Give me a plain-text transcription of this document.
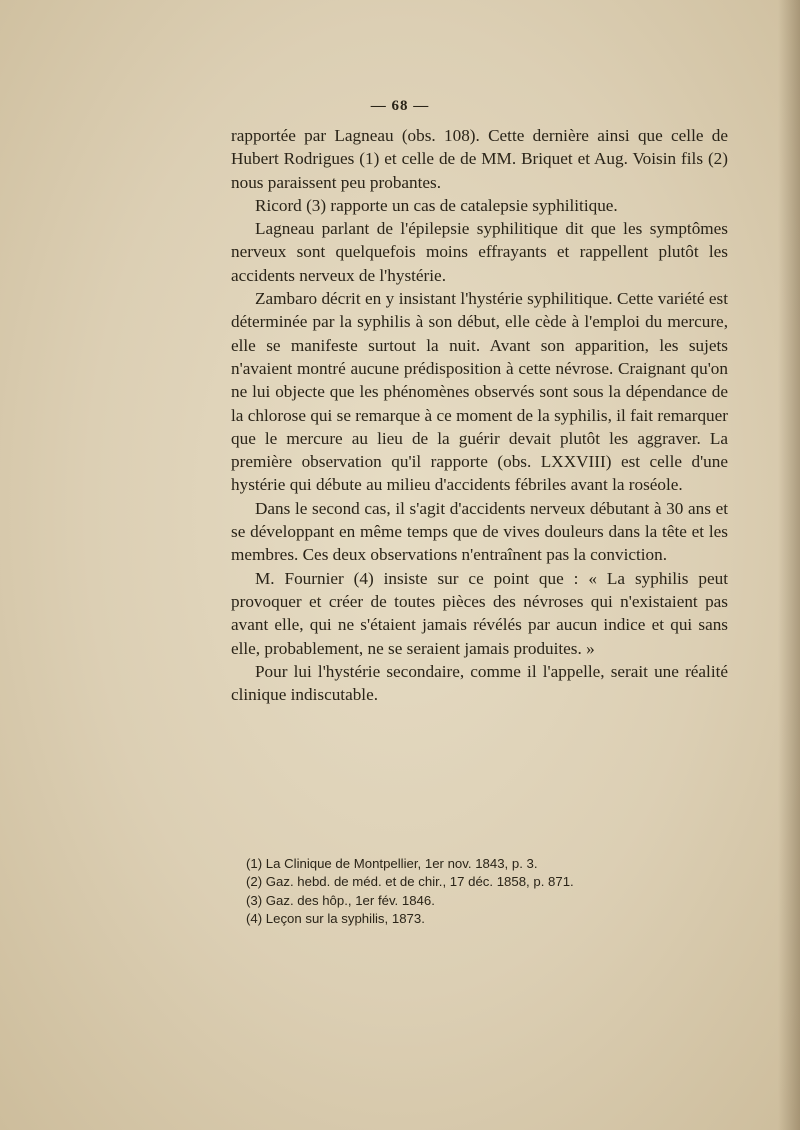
— 68 —

rapportée par Lagneau (obs. 108). Cette dernière ainsi que celle de Hubert Rodrigues (1) et celle de de MM. Briquet et Aug. Voisin fils (2) nous paraissent peu probantes.

Ricord (3) rapporte un cas de catalepsie syphilitique.

Lagneau parlant de l'épilepsie syphilitique dit que les symptômes nerveux sont quelquefois moins effrayants et rappellent plutôt les accidents nerveux de l'hystérie.

Zambaro décrit en y insistant l'hystérie syphilitique. Cette variété est déterminée par la syphilis à son début, elle cède à l'emploi du mercure, elle se manifeste surtout la nuit. Avant son apparition, les sujets n'avaient montré aucune prédisposition à cette névrose. Craignant qu'on ne lui objecte que les phénomènes observés sont sous la dépendance de la chlorose qui se remarque à ce moment de la syphilis, il fait remarquer que le mercure au lieu de la guérir devait plutôt les aggraver. La première observation qu'il rapporte (obs. LXXVIII) est celle d'une hystérie qui débute au milieu d'accidents fébriles avant la roséole.

Dans le second cas, il s'agit d'accidents nerveux débutant à 30 ans et se développant en même temps que de vives douleurs dans la tête et les membres. Ces deux observations n'entraînent pas la conviction.

M. Fournier (4) insiste sur ce point que : « La syphilis peut provoquer et créer de toutes pièces des névroses qui n'existaient pas avant elle, qui ne s'étaient jamais révélés par aucun indice et qui sans elle, probablement, ne se seraient jamais produites. »

Pour lui l'hystérie secondaire, comme il l'appelle, serait une réalité clinique indiscutable.

(1) La Clinique de Montpellier, 1er nov. 1843, p. 3.
(2) Gaz. hebd. de méd. et de chir., 17 déc. 1858, p. 871.
(3) Gaz. des hôp., 1er fév. 1846.
(4) Leçon sur la syphilis, 1873.
